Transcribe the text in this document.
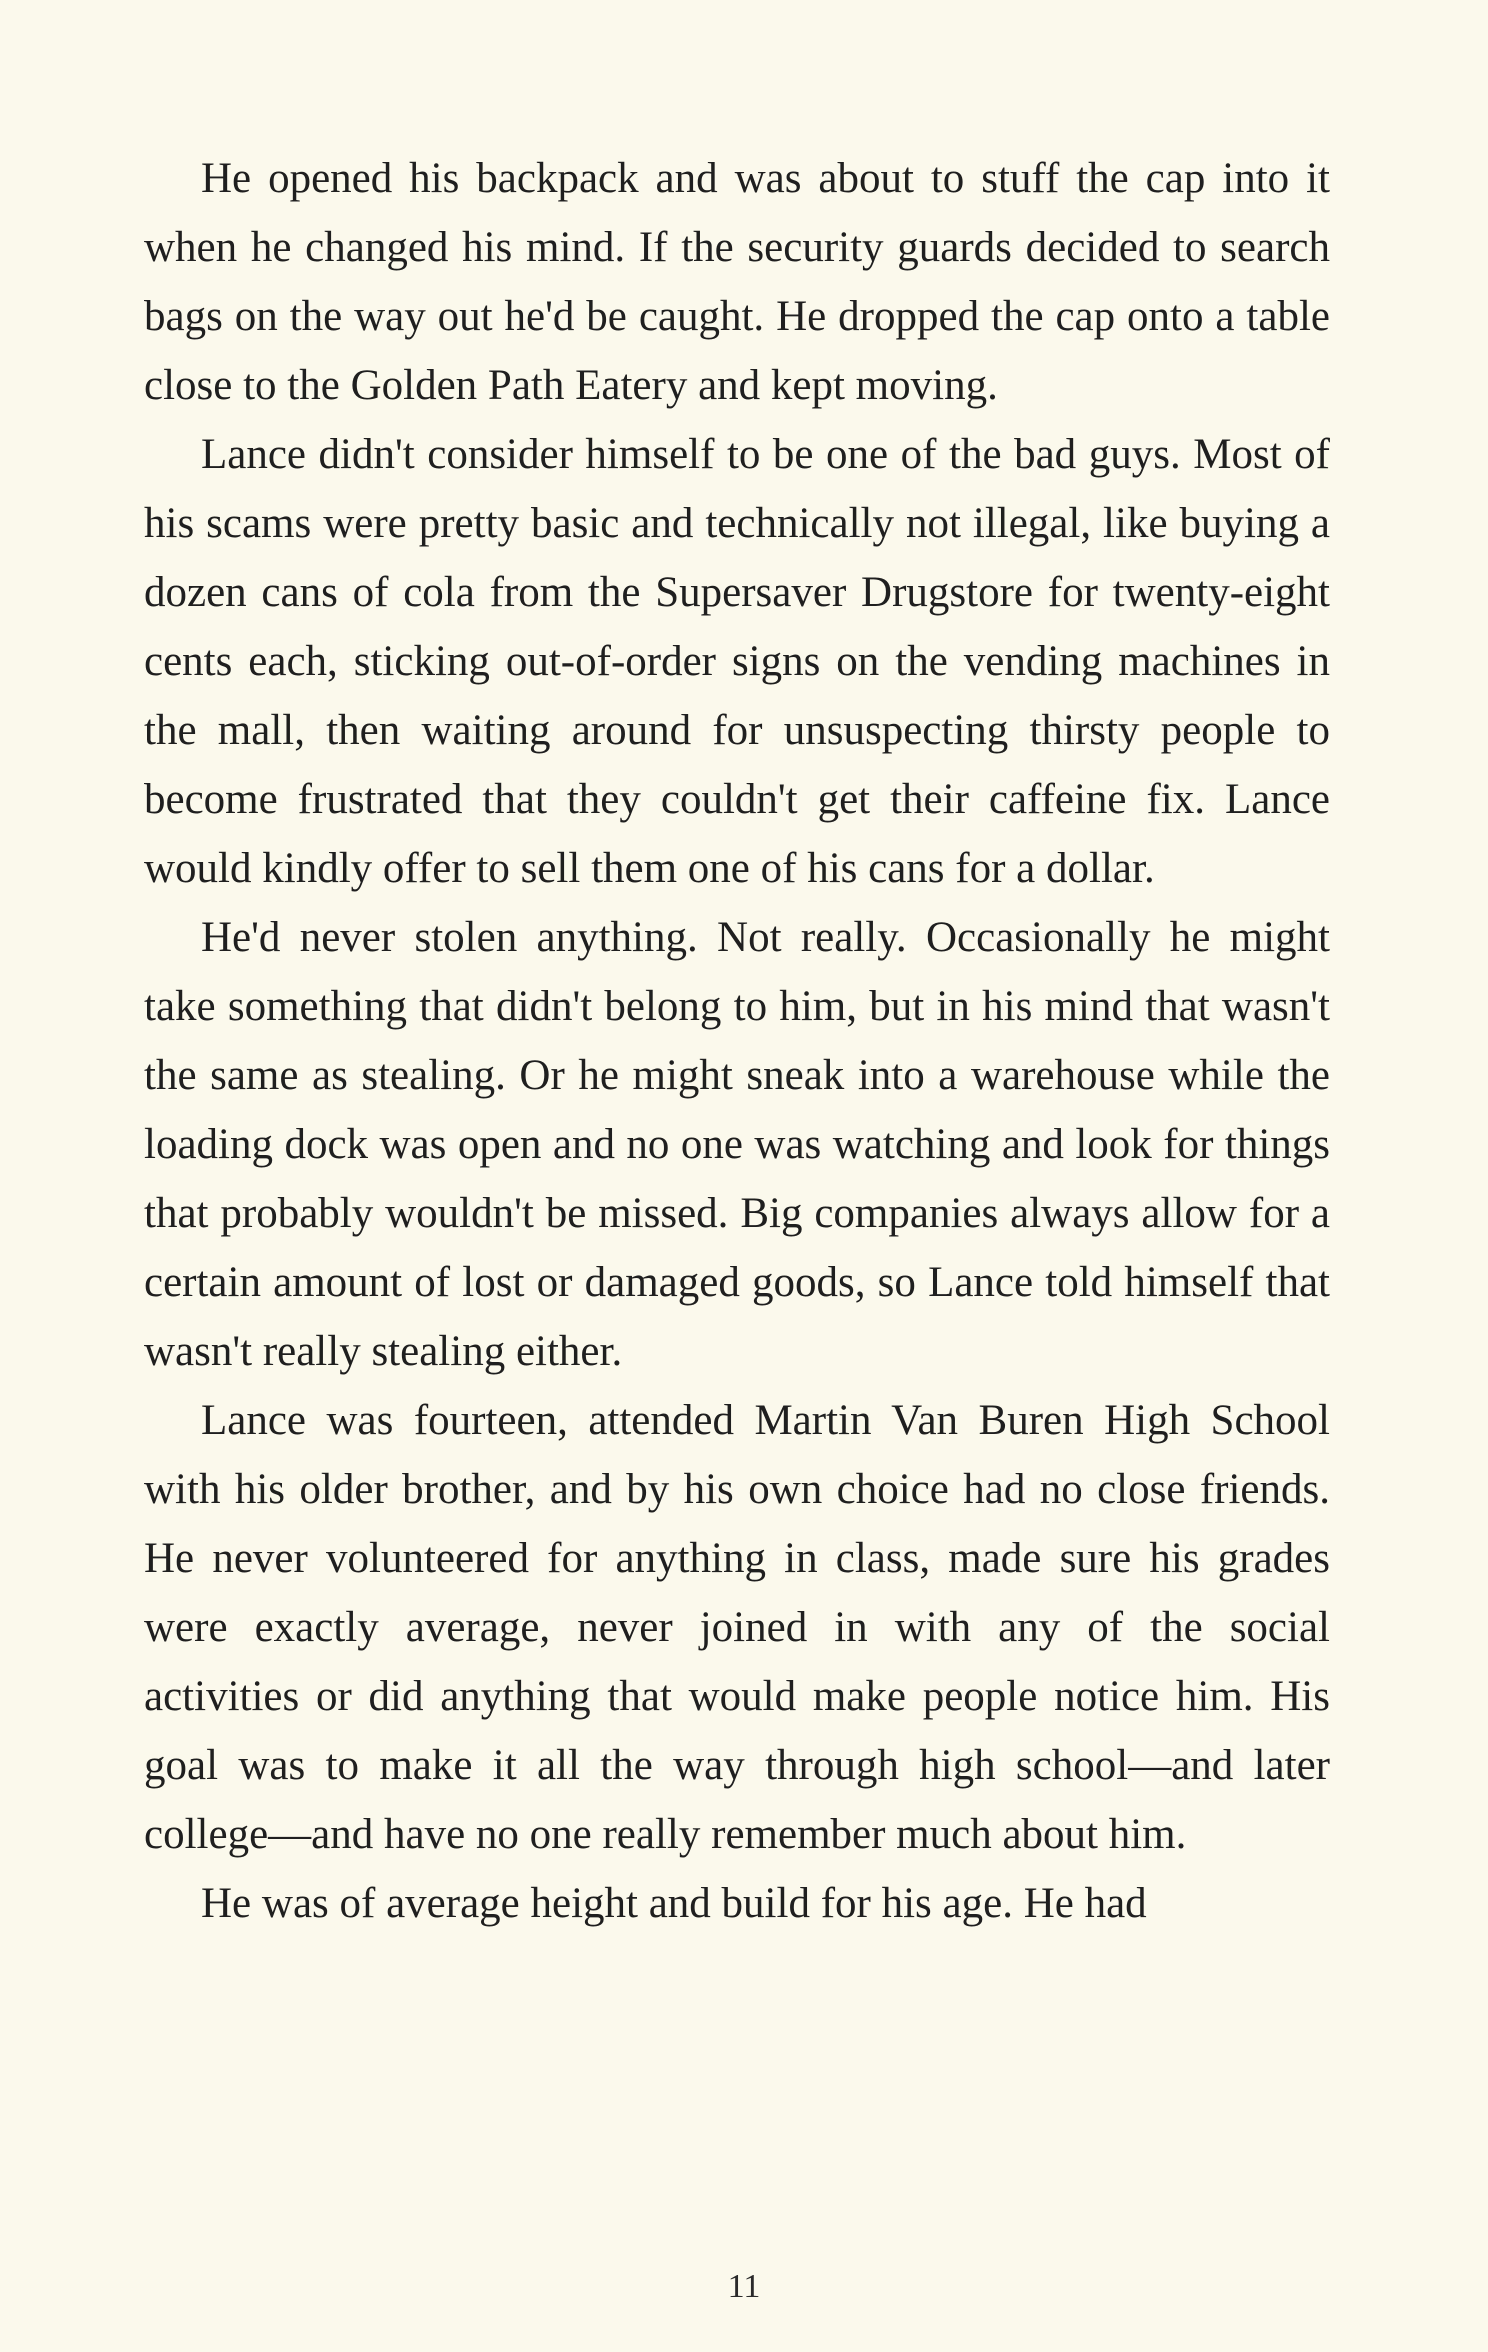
He opened his backpack and was about to stuff the cap into it when he changed his mind. If the security guards decided to search bags on the way out he'd be caught. He dropped the cap onto a table close to the Golden Path Eatery and kept moving.

Lance didn't consider himself to be one of the bad guys. Most of his scams were pretty basic and technically not illegal, like buying a dozen cans of cola from the Supersaver Drugstore for twenty-eight cents each, sticking out-of-order signs on the vending machines in the mall, then waiting around for unsuspecting thirsty people to become frustrated that they couldn't get their caffeine fix. Lance would kindly offer to sell them one of his cans for a dollar.

He'd never stolen anything. Not really. Occasionally he might take something that didn't belong to him, but in his mind that wasn't the same as stealing. Or he might sneak into a warehouse while the loading dock was open and no one was watching and look for things that probably wouldn't be missed. Big companies always allow for a certain amount of lost or damaged goods, so Lance told himself that wasn't really stealing either.

Lance was fourteen, attended Martin Van Buren High School with his older brother, and by his own choice had no close friends. He never volunteered for anything in class, made sure his grades were exactly average, never joined in with any of the social activities or did anything that would make people notice him. His goal was to make it all the way through high school—and later college—and have no one really remember much about him.

He was of average height and build for his age. He had

11
